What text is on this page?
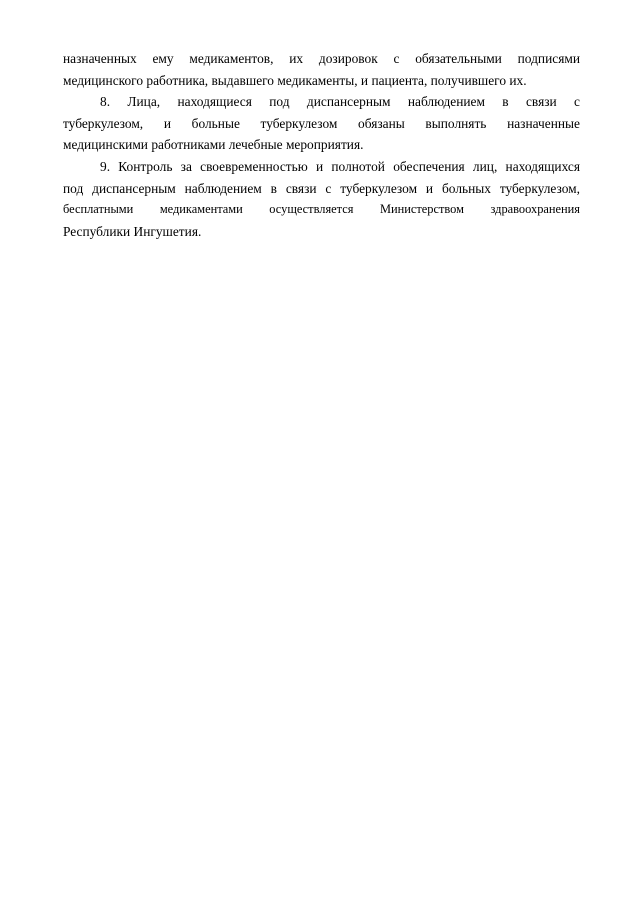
назначенных ему медикаментов, их дозировок с обязательными подписями
медицинского работника, выдавшего медикаменты, и пациента, получившего их.
8. Лица, находящиеся под диспансерным наблюдением в связи с
туберкулезом, и больные туберкулезом обязаны выполнять назначенные
медицинскими работниками лечебные мероприятия.
9. Контроль за своевременностью и полнотой обеспечения лиц, находящихся
под диспансерным наблюдением в связи с туберкулезом и больных туберкулезом,
бесплатными медикаментами осуществляется Министерством здравоохранения
Республики Ингушетия.
